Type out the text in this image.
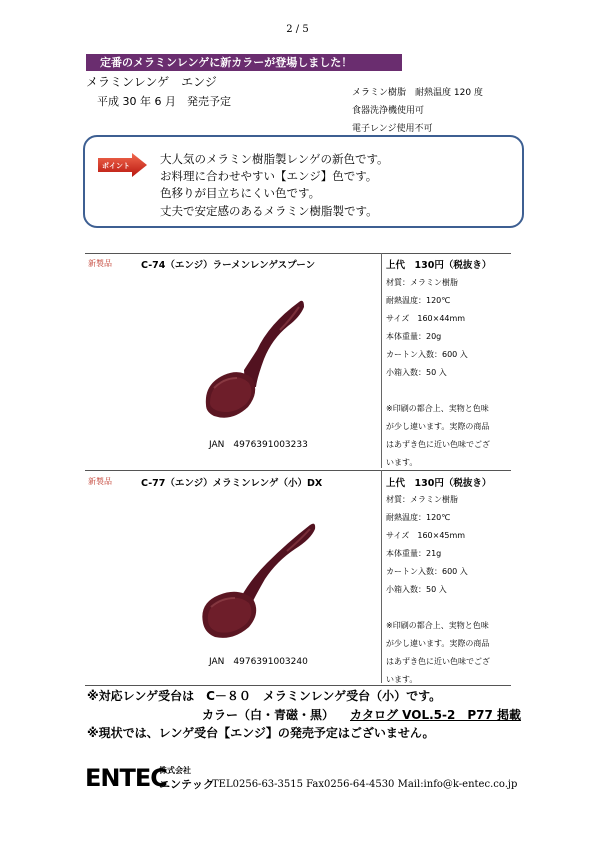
2 / 5
定番のメラミンレンゲに新カラーが登場しました！
メラミンレンゲ　エンジ
平成 30 年 6 月　発売予定
メラミン樹脂　耐熱温度 120 度
食器洗浄機使用可
電子レンジ使用不可
ポイント	大人気のメラミン樹脂製レンゲの新色です。
お料理に合わせやすい【エンジ】色です。
色移りが目立ちにくい色です。
丈夫で安定感のあるメラミン樹脂製です。
新製品	C-74（エンジ）ラーメンレンゲスプーン	上代　130円（税抜き）
材質：メラミン樹脂
耐熱温度：120℃
サイズ　160×44mm
本体重量：20g
カートン入数：600 入
小箱入数：50 入
※印刷の都合上、実物と色味
が少し違います。実際の商品
はあずき色に近い色味でござ
います。
JAN　4976391003233
新製品	C-77（エンジ）メラミンレンゲ（小）DX	上代　130円（税抜き）
材質：メラミン樹脂
耐熱温度：120℃
サイズ　160×45mm
本体重量：21g
カートン入数：600 入
小箱入数：50 入
※印刷の都合上、実物と色味
が少し違います。実際の商品
はあずき色に近い色味でござ
います。
JAN　4976391003240
※対応レンゲ受台は　C－８０　メラミンレンゲ受台（小）です。
カラー（白・青磁・黒） カタログ VOL.5-2　P77 掲載
※現状では、レンゲ受台【エンジ】の発売予定はございません。
ENTEC
株式会社
エンテック
TEL0256-63-3515 Fax0256-64-4530 Mail:info@k-entec.co.jp
